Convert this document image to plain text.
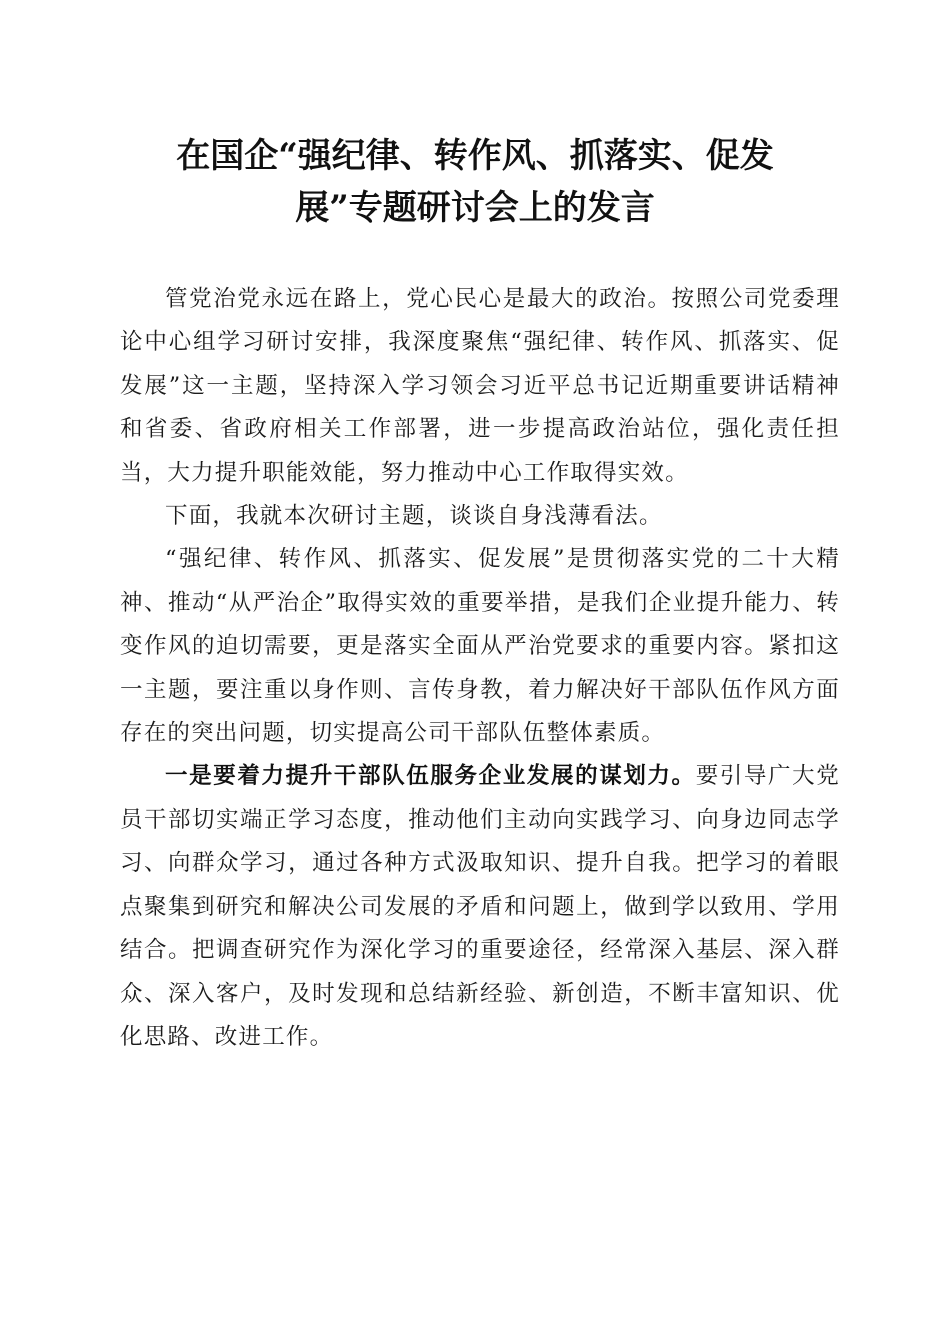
在国企“强纪律、转作风、抓落实、促发
展”专题研讨会上的发言

管党治党永远在路上，党心民心是最大的政治。按照公司党委理论中心组学习研讨安排，我深度聚焦“强纪律、转作风、抓落实、促发展”这一主题，坚持深入学习领会习近平总书记近期重要讲话精神和省委、省政府相关工作部署，进一步提高政治站位，强化责任担当，大力提升职能效能，努力推动中心工作取得实效。

下面，我就本次研讨主题，谈谈自身浅薄看法。

“强纪律、转作风、抓落实、促发展”是贯彻落实党的二十大精神、推动“从严治企”取得实效的重要举措，是我们企业提升能力、转变作风的迫切需要，更是落实全面从严治党要求的重要内容。紧扣这一主题，要注重以身作则、言传身教，着力解决好干部队伍作风方面存在的突出问题，切实提高公司干部队伍整体素质。

一是要着力提升干部队伍服务企业发展的谋划力。要引导广大党员干部切实端正学习态度，推动他们主动向实践学习、向身边同志学习、向群众学习，通过各种方式汲取知识、提升自我。把学习的着眼点聚集到研究和解决公司发展的矛盾和问题上，做到学以致用、学用结合。把调查研究作为深化学习的重要途径，经常深入基层、深入群众、深入客户，及时发现和总结新经验、新创造，不断丰富知识、优化思路、改进工作。
